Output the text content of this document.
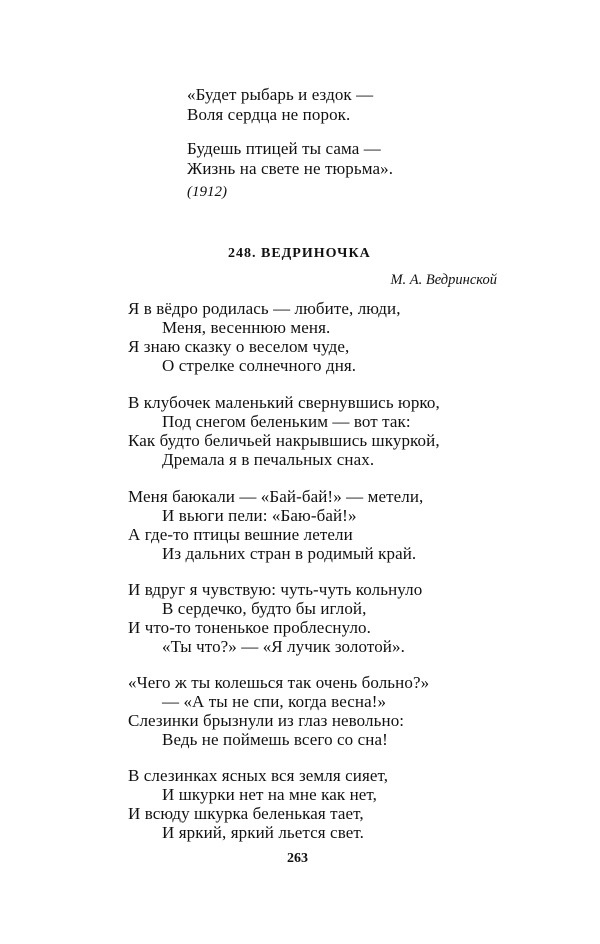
«Будет рыбарь и ездок —
Воля сердца не порок.
Будешь птицей ты сама —
Жизнь на свете не тюрьма».
(1912)
248. ВЕДРИНОЧКА
М. А. Ведринской
Я в вёдро родилась — любите, люди,
Меня, весеннюю меня.
Я знаю сказку о веселом чуде,
О стрелке солнечного дня.
В клубочек маленький свернувшись юрко,
Под снегом беленьким — вот так:
Как будто беличьей накрывшись шкуркой,
Дремала я в печальных снах.
Меня баюкали — «Бай-бай!» — метели,
И вьюги пели: «Баю-бай!»
А где-то птицы вешние летели
Из дальних стран в родимый край.
И вдруг я чувствую: чуть-чуть кольнуло
В сердечко, будто бы иглой,
И что-то тоненькое проблеснуло.
«Ты что?» — «Я лучик золотой».
«Чего ж ты колешься так очень больно?»
— «А ты не спи, когда весна!»
Слезинки брызнули из глаз невольно:
Ведь не поймешь всего со сна!
В слезинках ясных вся земля сияет,
И шкурки нет на мне как нет,
И всюду шкурка беленькая тает,
И яркий, яркий льется свет.
263
